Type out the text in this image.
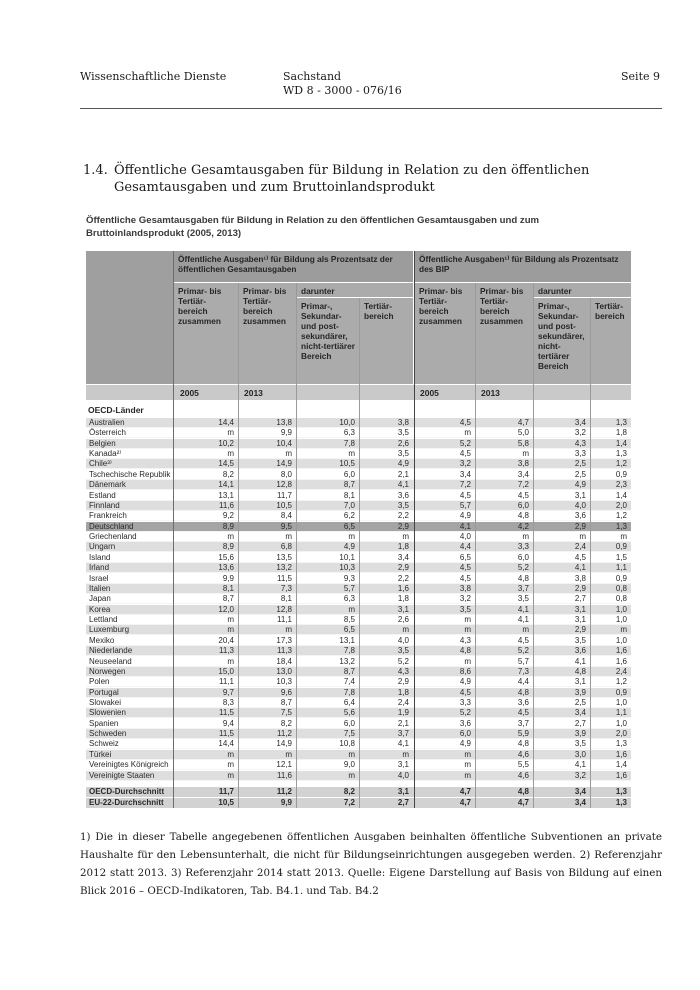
Wissenschaftliche Dienste	Sachstand
WD 8 - 3000 - 076/16
Seite 9
1.4. Öffentliche Gesamtausgaben für Bildung in Relation zu den öffentlichen Gesamtausgaben und zum Bruttoinlandsprodukt
Öffentliche Gesamtausgaben für Bildung in Relation zu den öffentlichen Gesamtausgaben und zum Bruttoinlandsprodukt (2005, 2013)
Öffentliche Ausgaben¹⁾ für Bildung als Prozentsatz der öffentlichen Gesamtausgaben
Öffentliche Ausgaben¹⁾ für Bildung als Prozentsatz des BIP
Primar- bis Tertiär-bereich zusammen
Primar- bis Tertiär-bereich zusammen
darunter
Primar-, Sekundar- und post-sekundärer, nicht-tertiärer Bereich
Tertiär-bereich
Primar- bis Tertiär-bereich zusammen
Primar- bis Tertiär-bereich zusammen
darunter
Primar-, Sekundar- und post-sekundärer, nicht-tertiärer Bereich
Tertiär-bereich
2005	2013	2005	2013
OECD-Länder
Australien	14,4	13,8	10,0	3,8	4,5	4,7	3,4	1,3
Österreich	m	9,9	6,3	3,5	m	5,0	3,2	1,8
Belgien	10,2	10,4	7,8	2,6	5,2	5,8	4,3	1,4
Kanada²⁾	m	m	m	3,5	4,5	m	3,3	1,3
Chile³⁾	14,5	14,9	10,5	4,9	3,2	3,8	2,5	1,2
Tschechische Republik	8,2	8,0	6,0	2,1	3,4	3,4	2,5	0,9
Dänemark	14,1	12,8	8,7	4,1	7,2	7,2	4,9	2,3
Estland	13,1	11,7	8,1	3,6	4,5	4,5	3,1	1,4
Finnland	11,6	10,5	7,0	3,5	5,7	6,0	4,0	2,0
Frankreich	9,2	8,4	6,2	2,2	4,9	4,8	3,6	1,2
Deutschland	8,9	9,5	6,5	2,9	4,1	4,2	2,9	1,3
Griechenland	m	m	m	m	4,0	m	m	m
Ungarn	8,9	6,8	4,9	1,8	4,4	3,3	2,4	0,9
Island	15,6	13,5	10,1	3,4	6,5	6,0	4,5	1,5
Irland	13,6	13,2	10,3	2,9	4,5	5,2	4,1	1,1
Israel	9,9	11,5	9,3	2,2	4,5	4,8	3,8	0,9
Italien	8,1	7,3	5,7	1,6	3,8	3,7	2,9	0,8
Japan	8,7	8,1	6,3	1,8	3,2	3,5	2,7	0,8
Korea	12,0	12,8	m	3,1	3,5	4,1	3,1	1,0
Lettland	m	11,1	8,5	2,6	m	4,1	3,1	1,0
Luxemburg	m	m	6,5	m	m	m	2,9	m
Mexiko	20,4	17,3	13,1	4,0	4,3	4,5	3,5	1,0
Niederlande	11,3	11,3	7,8	3,5	4,8	5,2	3,6	1,6
Neuseeland	m	18,4	13,2	5,2	m	5,7	4,1	1,6
Norwegen	15,0	13,0	8,7	4,3	8,6	7,3	4,8	2,4
Polen	11,1	10,3	7,4	2,9	4,9	4,4	3,1	1,2
Portugal	9,7	9,6	7,8	1,8	4,5	4,8	3,9	0,9
Slowakei	8,3	8,7	6,4	2,4	3,3	3,6	2,5	1,0
Slowenien	11,5	7,5	5,6	1,9	5,2	4,5	3,4	1,1
Spanien	9,4	8,2	6,0	2,1	3,6	3,7	2,7	1,0
Schweden	11,5	11,2	7,5	3,7	6,0	5,9	3,9	2,0
Schweiz	14,4	14,9	10,8	4,1	4,9	4,8	3,5	1,3
Türkei	m	m	m	m	m	4,6	3,0	1,6
Vereinigtes Königreich	m	12,1	9,0	3,1	m	5,5	4,1	1,4
Vereinigte Staaten	m	11,6	m	4,0	m	4,6	3,2	1,6
OECD-Durchschnitt	11,7	11,2	8,2	3,1	4,7	4,8	3,4	1,3
EU-22-Durchschnitt	10,5	9,9	7,2	2,7	4,7	4,7	3,4	1,3
1) Die in dieser Tabelle angegebenen öffentlichen Ausgaben beinhalten öffentliche Subventionen an private Haushalte für den Lebensunterhalt, die nicht für Bildungseinrichtungen ausgegeben werden. 2) Referenzjahr 2012 statt 2013. 3) Referenzjahr 2014 statt 2013. Quelle: Eigene Darstellung auf Basis von Bildung auf einen Blick 2016 – OECD-Indikatoren, Tab. B4.1. und Tab. B4.2
